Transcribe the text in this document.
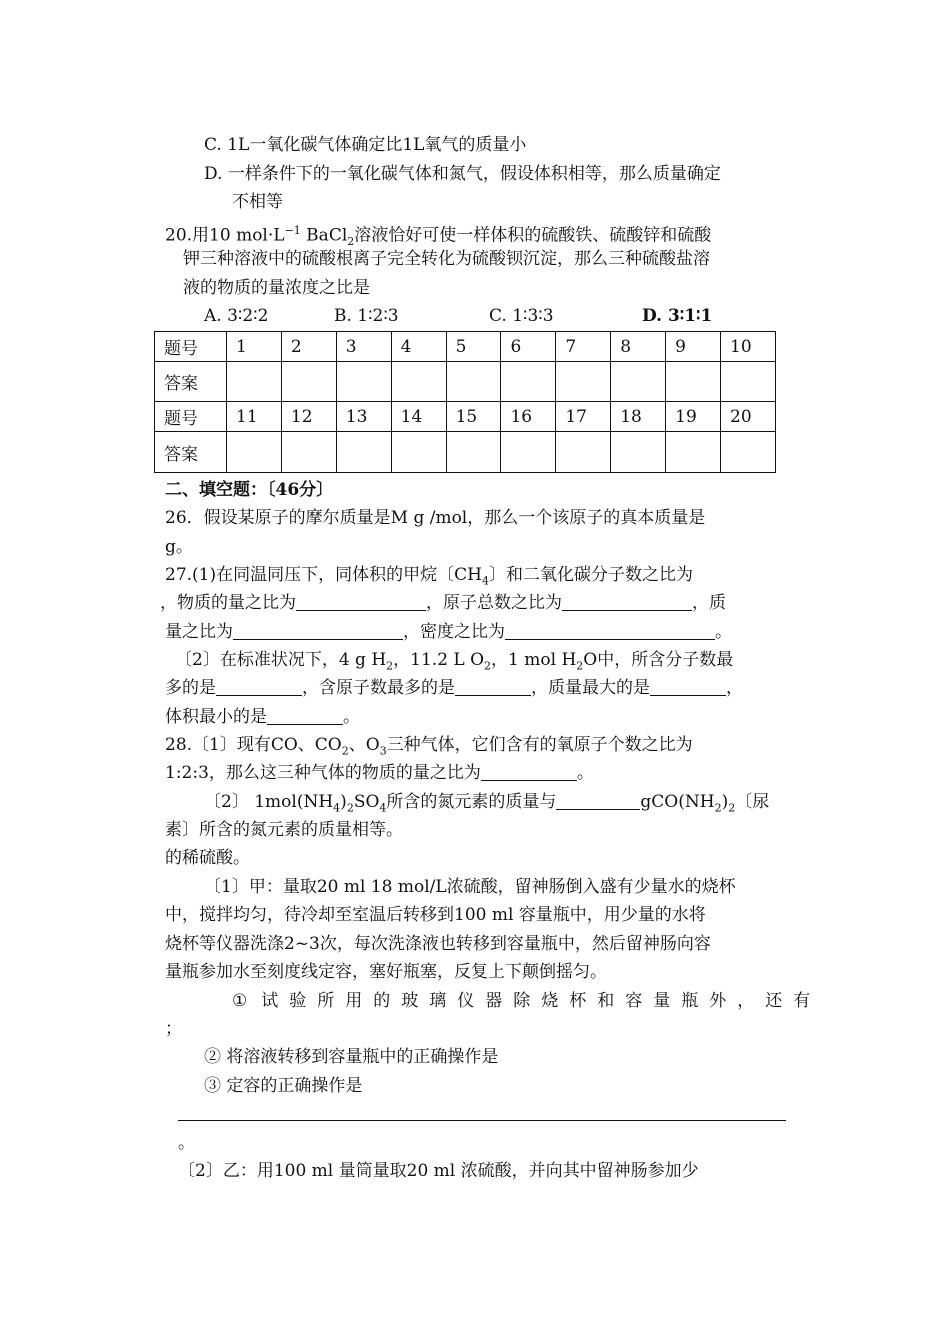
C. 1L一氧化碳气体确定比1L氧气的质量小
D. 一样条件下的一氧化碳气体和氮气，假设体积相等，那么质量确定
不相等
20.用10 $mol\cdot L^{-1}$ BaCl$_2$溶液恰好可使一样体积的硫酸铁、硫酸锌和硫酸
钾三种溶液中的硫酸根离子完全转化为硫酸钡沉淀，那么三种硫酸盐溶
液的物质的量浓度之比是
A. 3∶2∶2	B. 1∶2∶3	C. 1∶3∶3	D. 3∶1∶1
题号	1	2	3	4	5	6	7	8	9	10
答案										
题号	11	12	13	14	15	16	17	18	19	20
答案										
二、填空题：〔46分〕
26．假设某原子的摩尔质量是M g /mol，那么一个该原子的真本质量是
g。
27.(1)在同温同压下，同体积的甲烷〔$CH_4$〕和二氧化碳分子数之比为
，物质的量之比为	，原子总数之比为	，质
量之比为	，密度之比为	。
〔2〕在标准状况下，4 g $H_2$，11.2 L $O_2$，1 mol $H_2O$中，所含分子数最
多的是	，含原子数最多的是	，质量最大的是	，
体积最小的是	。
28.〔1〕现有CO、$CO_2$、$O_3$三种气体，它们含有的氧原子个数之比为
1:2:3，那么这三种气体的物质的量之比为	。
〔2〕 $1mol(NH_4)_2SO_4$所含的氮元素的质量与	$gCO(NH_2)_2$〔尿
素〕所含的氮元素的质量相等。
的稀硫酸。
〔1〕甲：量取20 ml 18 mol/L浓硫酸，留神肠倒入盛有少量水的烧杯
中，搅拌均匀，待冷却至室温后转移到100 ml 容量瓶中，用少量的水将
烧杯等仪器洗涤2~3次，每次洗涤液也转移到容量瓶中，然后留神肠向容
量瓶参加水至刻度线定容，塞好瓶塞，反复上下颠倒摇匀。
① 试验所用的玻璃仪器除烧杯和容量瓶外，还有
；
② 将溶液转移到容量瓶中的正确操作是
③ 定容的正确操作是
。
〔2〕乙：用100 ml 量筒量取20 ml 浓硫酸，并向其中留神肠参加少
